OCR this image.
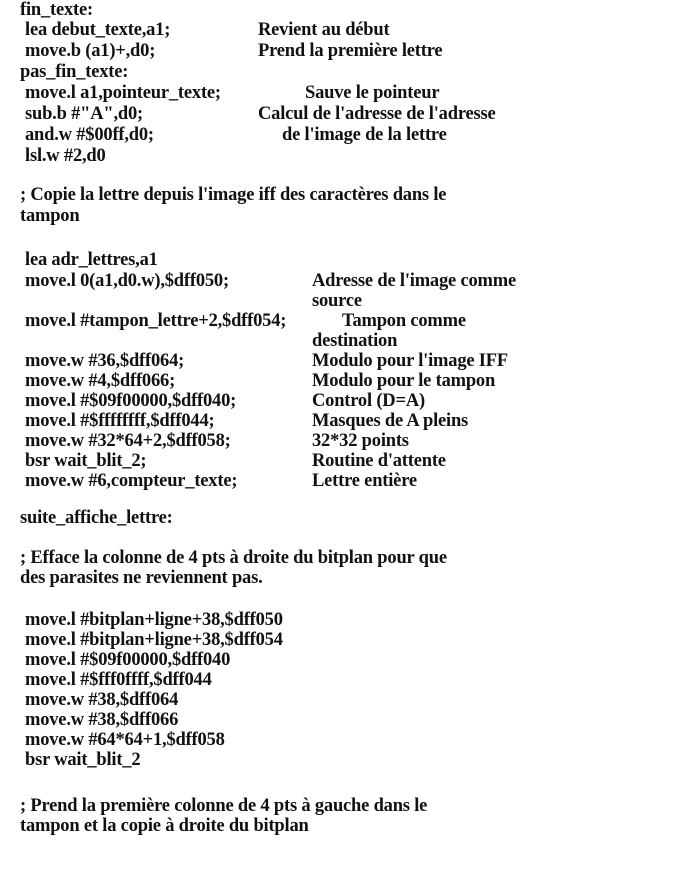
fin_texte:
lea debut_texte,a1;	Revient au début
move.b (a1)+,d0;	Prend la première lettre
pas_fin_texte:
move.l a1,pointeur_texte;	Sauve le pointeur
sub.b #"A",d0;	Calcul de l'adresse de l'adresse
and.w #$00ff,d0;	de l'image de la lettre
lsl.w #2,d0
; Copie la lettre depuis l'image iff des caractères dans le
tampon
lea adr_lettres,a1
move.l 0(a1,d0.w),$dff050;	Adresse de l'image comme
source
move.l #tampon_lettre+2,$dff054;	Tampon comme
destination
move.w #36,$dff064;	Modulo pour l'image IFF
move.w #4,$dff066;	Modulo pour le tampon
move.l #$09f00000,$dff040;	Control (D=A)
move.l #$ffffffff,$dff044;	Masques de A pleins
move.w #32*64+2,$dff058;	32*32 points
bsr wait_blit_2;	Routine d'attente
move.w #6,compteur_texte;	Lettre entière
suite_affiche_lettre:
; Efface la colonne de 4 pts à droite du bitplan pour que
des parasites ne reviennent pas.
move.l #bitplan+ligne+38,$dff050
move.l #bitplan+ligne+38,$dff054
move.l #$09f00000,$dff040
move.l #$fff0ffff,$dff044
move.w #38,$dff064
move.w #38,$dff066
move.w #64*64+1,$dff058
bsr wait_blit_2
; Prend la première colonne de 4 pts à gauche dans le
tampon et la copie à droite du bitplan
